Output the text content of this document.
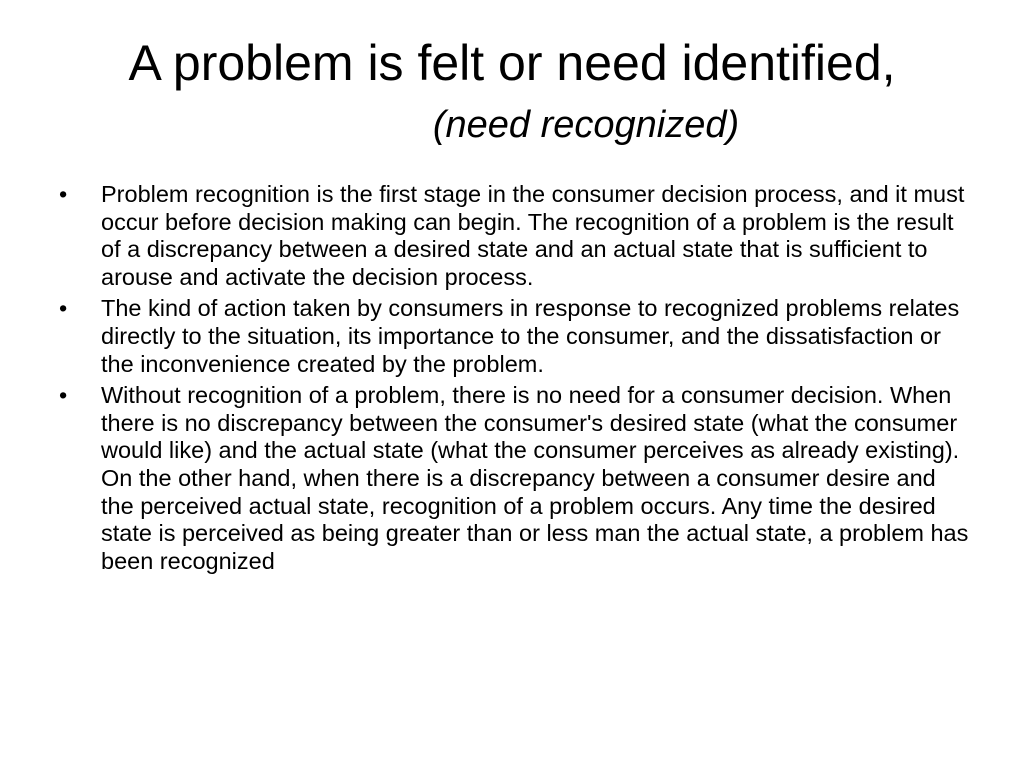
A problem is felt or need identified,
(need recognized)
• Problem recognition is the first stage in the consumer decision process, and it must occur before decision making can begin. The recognition of a problem is the result of a discrepancy between a desired state and an actual state that is sufficient to arouse and activate the decision process.
• The kind of action taken by consumers in response to recognized problems relates directly to the situation, its importance to the consumer, and the dissatisfaction or the inconvenience created by the problem.
• Without recognition of a problem, there is no need for a consumer decision. When there is no discrepancy between the consumer's desired state (what the consumer would like) and the actual state (what the consumer perceives as already existing). On the other hand, when there is a discrepancy between a consumer desire and the perceived actual state, recognition of a problem occurs. Any time the desired state is perceived as being greater than or less man the actual state, a problem has been recognized
